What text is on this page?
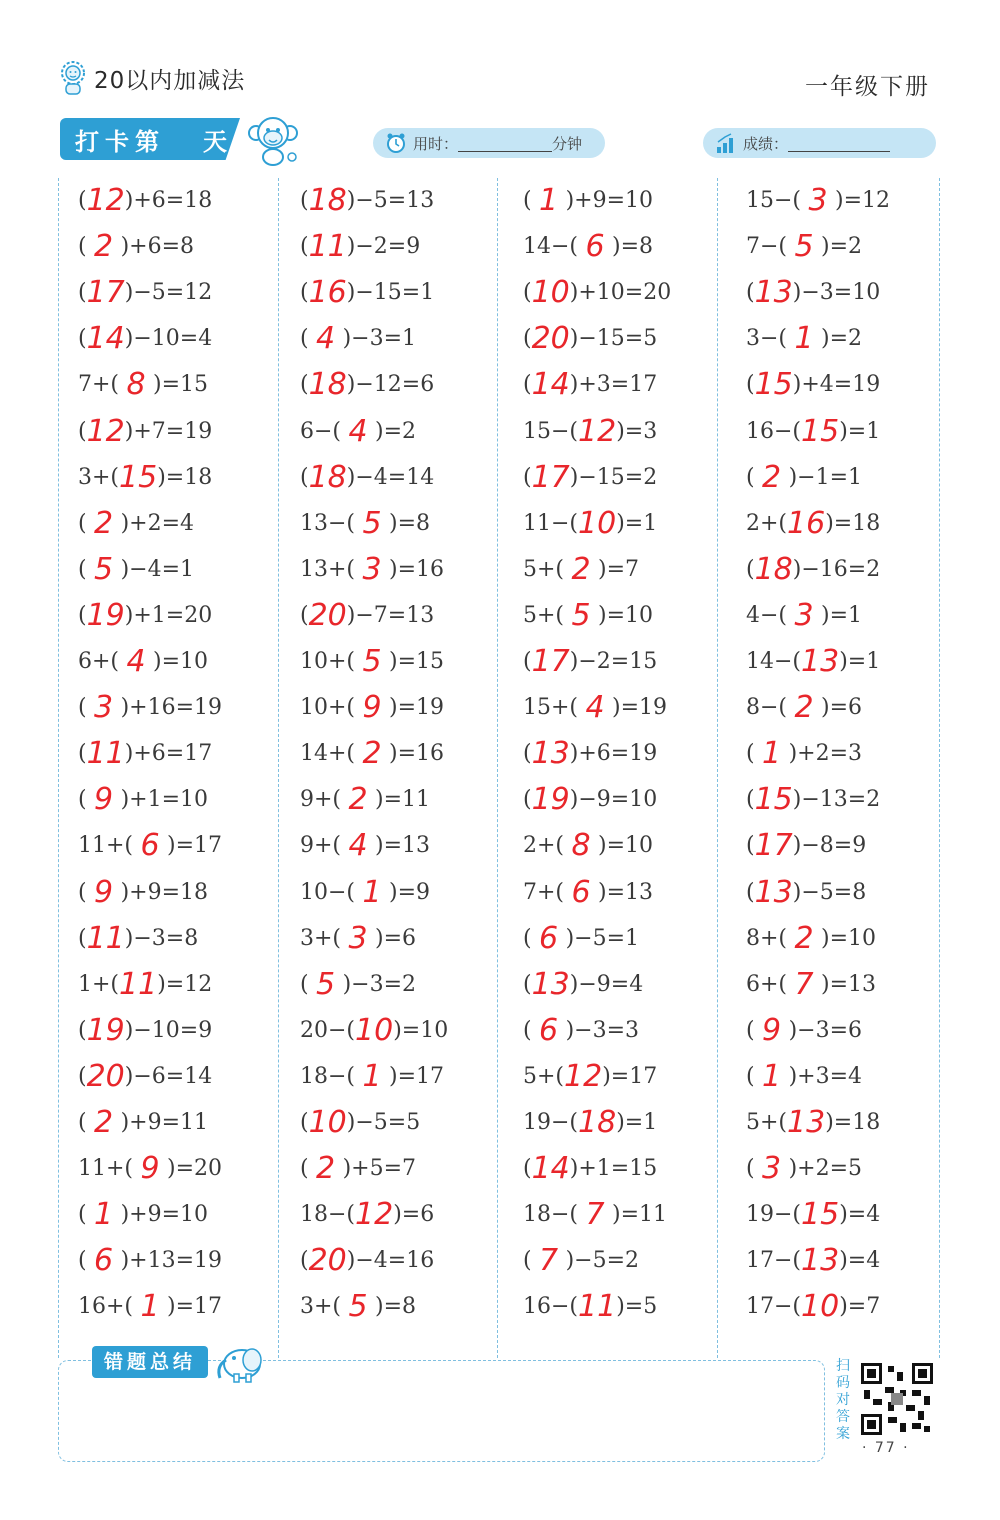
20以内加减法	一年级下册
打卡第 天	用时：	分钟	成绩：
(12)+6=18
( 2 )+6=8
(17)−5=12
(14)−10=4
7+( 8 )=15
(12)+7=19
3+(15)=18
( 2 )+2=4
( 5 )−4=1
(19)+1=20
6+( 4 )=10
( 3 )+16=19
(11)+6=17
( 9 )+1=10
11+( 6 )=17
( 9 )+9=18
(11)−3=8
1+(11)=12
(19)−10=9
(20)−6=14
( 2 )+9=11
11+( 9 )=20
( 1 )+9=10
( 6 )+13=19
16+( 1 )=17
(18)−5=13
(11)−2=9
(16)−15=1
( 4 )−3=1
(18)−12=6
6−( 4 )=2
(18)−4=14
13−( 5 )=8
13+( 3 )=16
(20)−7=13
10+( 5 )=15
10+( 9 )=19
14+( 2 )=16
9+( 2 )=11
9+( 4 )=13
10−( 1 )=9
3+( 3 )=6
( 5 )−3=2
20−(10)=10
18−( 1 )=17
(10)−5=5
( 2 )+5=7
18−(12)=6
(20)−4=16
3+( 5 )=8
( 1 )+9=10
14−( 6 )=8
(10)+10=20
(20)−15=5
(14)+3=17
15−(12)=3
(17)−15=2
11−(10)=1
5+( 2 )=7
5+( 5 )=10
(17)−2=15
15+( 4 )=19
(13)+6=19
(19)−9=10
2+( 8 )=10
7+( 6 )=13
( 6 )−5=1
(13)−9=4
( 6 )−3=3
5+(12)=17
19−(18)=1
(14)+1=15
18−( 7 )=11
( 7 )−5=2
16−(11)=5
15−( 3 )=12
7−( 5 )=2
(13)−3=10
3−( 1 )=2
(15)+4=19
16−(15)=1
( 2 )−1=1
2+(16)=18
(18)−16=2
4−( 3 )=1
14−(13)=1
8−( 2 )=6
( 1 )+2=3
(15)−13=2
(17)−8=9
(13)−5=8
8+( 2 )=10
6+( 7 )=13
( 9 )−3=6
( 1 )+3=4
5+(13)=18
( 3 )+2=5
19−(15)=4
17−(13)=4
17−(10)=7
错题总结	扫码对答案
· 77 ·
